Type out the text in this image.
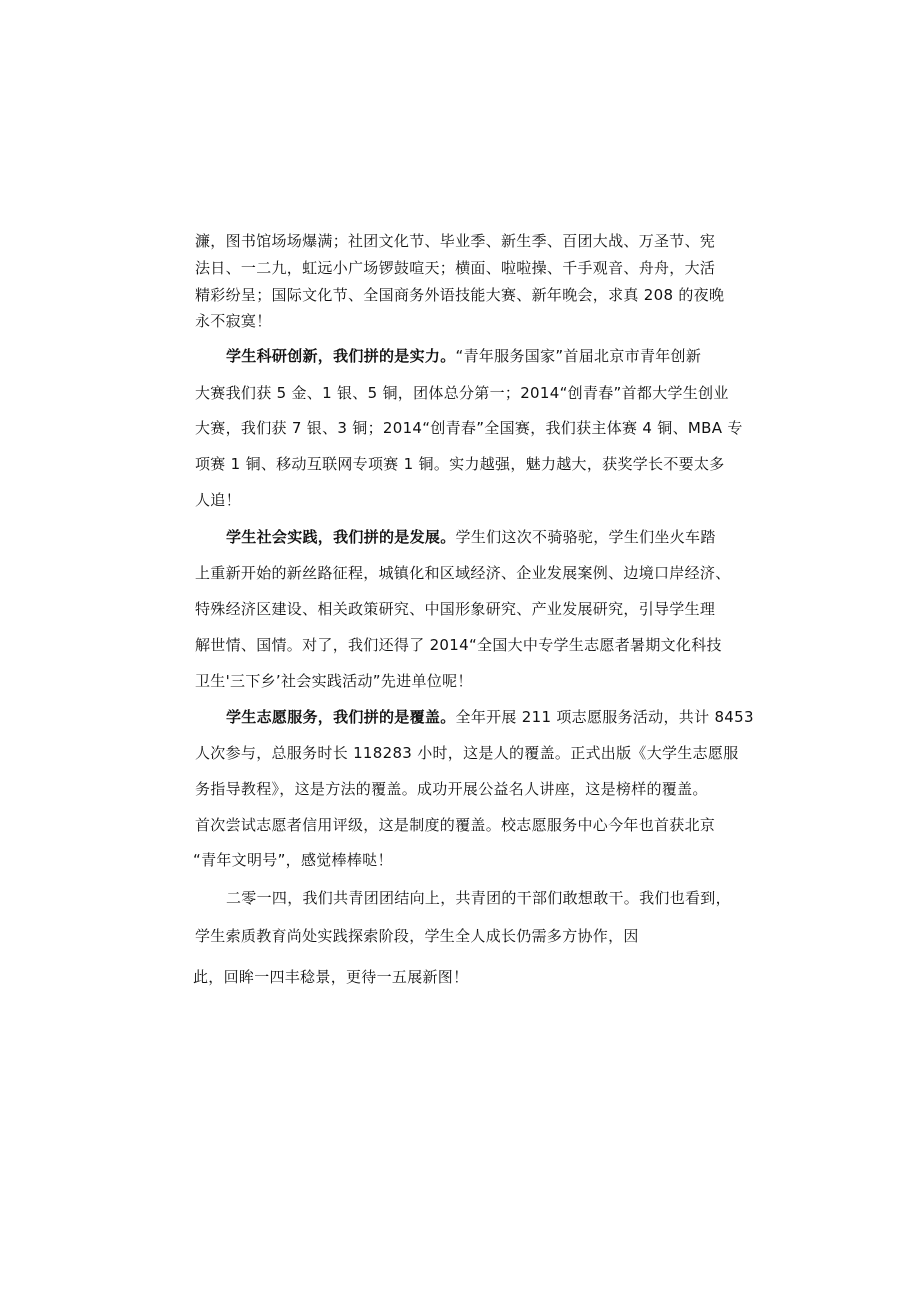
濂，图书馆场场爆满；社团文化节、毕业季、新生季、百团大战、万圣节、宪
法日、一二九，虹远小广场锣鼓喧天；横面、啦啦操、千手观音、舟舟，大活
精彩纷呈；国际文化节、全国商务外语技能大赛、新年晚会，求真 208 的夜晚
永不寂寞！
学生科研创新，我们拼的是实力。“青年服务国家”首届北京市青年创新
大赛我们获 5 金、1 银、5 铜，团体总分第一；2014“创青春”首都大学生创业
大赛，我们获 7 银、3 铜；2014“创青春”全国赛，我们获主体赛 4 铜、MBA 专
项赛 1 铜、移动互联网专项赛 1 铜。实力越强，魅力越大，获奖学长不要太多
人追！
学生社会实践，我们拼的是发展。学生们这次不骑骆驼，学生们坐火车踏
上重新开始的新丝路征程，城镇化和区域经济、企业发展案例、边境口岸经济、
特殊经济区建设、相关政策研究、中国形象研究、产业发展研究，引导学生理
解世情、国情。对了，我们还得了 2014“全国大中专学生志愿者暑期文化科技
卫生'三下乡’社会实践活动”先进单位呢！
学生志愿服务，我们拼的是覆盖。全年开展 211 项志愿服务活动，共计 8453
人次参与，总服务时长 118283 小时，这是人的覆盖。正式出版《大学生志愿服
务指导教程》，这是方法的覆盖。成功开展公益名人讲座，这是榜样的覆盖。
首次尝试志愿者信用评级，这是制度的覆盖。校志愿服务中心今年也首获北京
“青年文明号”，感觉棒棒哒！
二零一四，我们共青团团结向上，共青团的干部们敢想敢干。我们也看到，
学生索质教育尚处实践探索阶段，学生全人成长仍需多方协作，因
此，回眸一四丰稔景，更待一五展新图！
